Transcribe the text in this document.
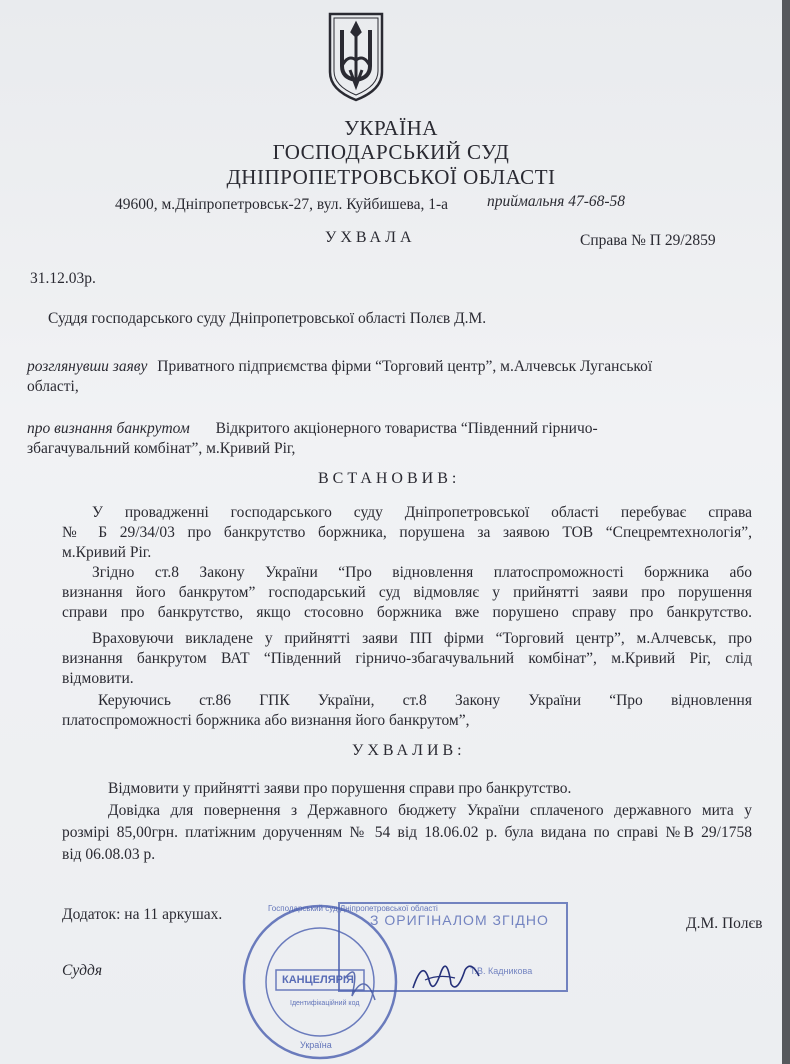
УКРАЇНА
ГОСПОДАРСЬКИЙ СУД
ДНІПРОПЕТРОВСЬКОЇ ОБЛАСТІ
49600, м.Дніпропетровськ-27, вул. Куйбишева, 1-а	приймальня 47-68-58
УХВАЛА	Справа № П 29/2859
31.12.03р.
Суддя господарського суду Дніпропетровської області Полєв Д.М.
розглянувши заяву Приватного підприємства фірми “Торговий центр”, м.Алчевськ Луганської
області,
про визнання банкрутом Відкритого акціонерного товариства “Південний гірничо-
збагачувальний комбінат”, м.Кривий Ріг,
ВСТАНОВИВ:
У провадженні господарського суду Дніпропетровської області перебуває справа
№ Б 29/34/03 про банкрутство боржника, порушена за заявою ТОВ “Спецремтехнологія”,
м.Кривий Ріг.
Згідно ст.8 Закону України “Про відновлення платоспроможності боржника або
визнання його банкрутом” господарський суд відмовляє у прийнятті заяви про порушення
справи про банкрутство, якщо стосовно боржника вже порушено справу про банкрутство.
Враховуючи викладене у прийнятті заяви ПП фірми “Торговий центр”, м.Алчевськ, про
визнання банкрутом ВАТ “Південний гірничо-збагачувальний комбінат”, м.Кривий Ріг, слід
відмовити.
Керуючись ст.86 ГПК України, ст.8 Закону України “Про відновлення
платоспроможності боржника або визнання його банкрутом”,
УХВАЛИВ:
Відмовити у прийнятті заяви про порушення справи про банкрутство.
Довідка для повернення з Державного бюджету України сплаченого державного мита у
розмірі 85,00грн. платіжним дорученням № 54 від 18.06.02 р. була видана по справі №В 29/1758
від 06.08.03 р.
Додаток: на 11 аркушах.
Д.М. Полєв
Суддя
З ОРИГІНАЛОМ ЗГІДНО
Т.В. Кадникова
КАНЦЕЛЯРІЯ
Господарський суд Дніпропетровської області
Ідентифікаційний код
Україна
